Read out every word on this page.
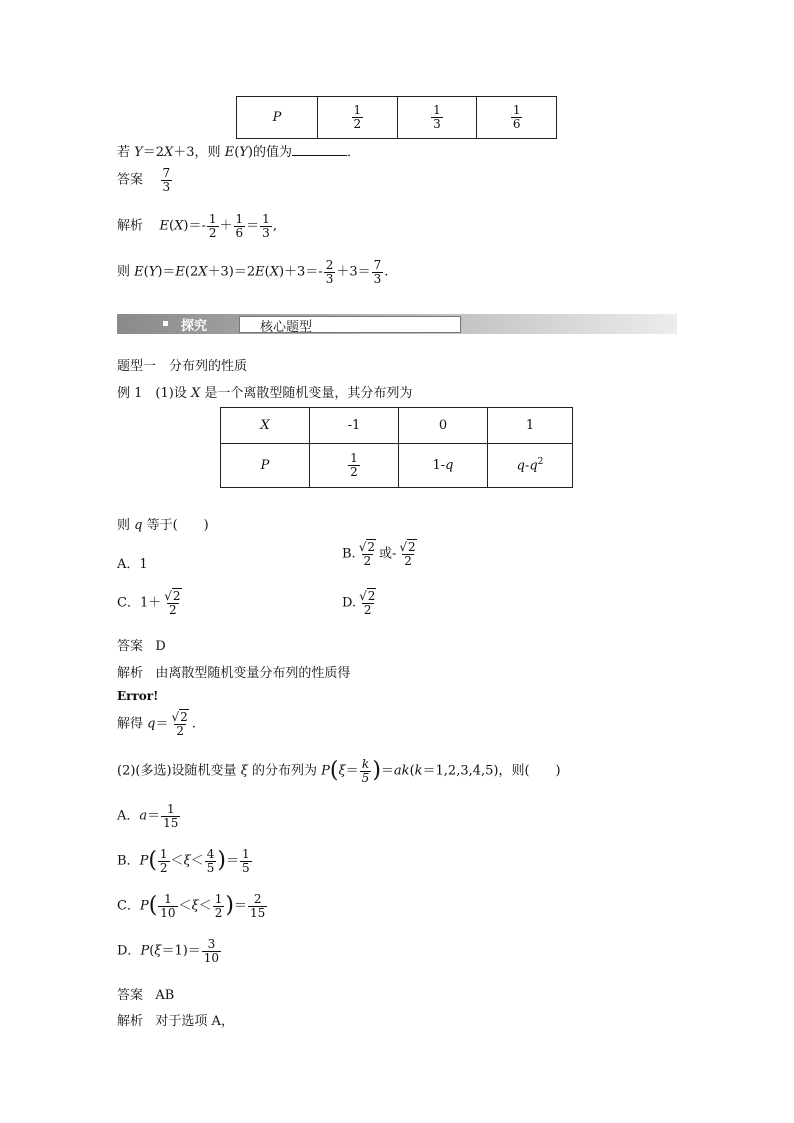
P	$\frac{1}{2}$	$\frac{1}{3}$	$\frac{1}{6}$
若 Y＝2X＋3，则 E(Y)的值为	．
答案 $\frac{7}{3}$
解析 $E(X)=- \frac{1}{2} + \frac{1}{6} = \frac{1}{3}$ ,
则 $E(Y)=E(2X+3)=2E(X)+3=- \frac{2}{3} +3= \frac{7}{3}$ .
探究	核心题型
题型一　分布列的性质
例 1　(1)设 X 是一个离散型随机变量，其分布列为
X	-1	0	1
P	$\frac{1}{2}$	1-q	$q-q^2$
则 q 等于(　　)
A．1
B. $\frac{√2}{2}$ 或- $\frac{√2}{2}$
C．$1+ \frac{√2}{2}$	D. $\frac{√2}{2}$
答案 D
解析 由离散型随机变量分布列的性质得
Error!
解得 $q= \frac{√2}{2}$ .
(2)(多选)设随机变量 ξ 的分布列为 $P(\xi= \frac{k}{5} )=ak(k=1,2,3,4,5)$，则(　　)
A．$a= \frac{1}{15}$
B．$P( \frac{1}{2} <\xi< \frac{4}{5}$ )＝ $\frac{1}{5}$
C．$P( \frac{1}{10} <\xi< \frac{1}{2}$ )＝ $\frac{2}{15}$
D．$P(\xi=1)= \frac{3}{10}$
答案 AB
解析 对于选项 A，
